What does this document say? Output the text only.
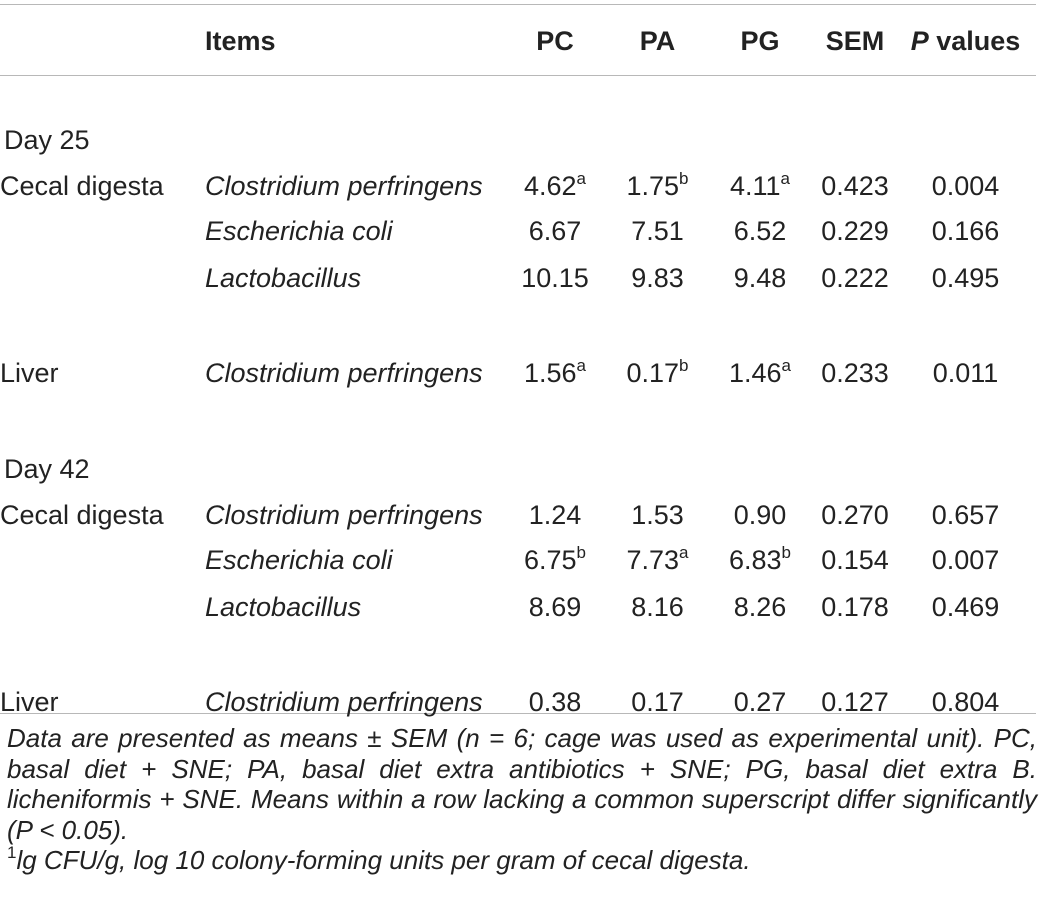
	Items	PC	PA	PG	SEM	P values

Day 25						
Cecal digesta	Clostridium perfringens	4.62$^a$	1.75$^b$	4.11$^a$	0.423	0.004
	Escherichia coli	6.67	7.51	6.52	0.229	0.166
	Lactobacillus	10.15	9.83	9.48	0.222	0.495

Liver	Clostridium perfringens	1.56$^a$	0.17$^b$	1.46$^a$	0.233	0.011

Day 42						
Cecal digesta	Clostridium perfringens	1.24	1.53	0.90	0.270	0.657
	Escherichia coli	6.75$^b$	7.73$^a$	6.83$^b$	0.154	0.007
	Lactobacillus	8.69	8.16	8.26	0.178	0.469

Liver	Clostridium perfringens	0.38	0.17	0.27	0.127	0.804

Data are presented as means ± SEM (n = 6; cage was used as experimental unit). PC, basal diet + SNE; PA, basal diet extra antibiotics + SNE; PG, basal diet extra B. licheniformis + SNE. Means within a row lacking a common superscript differ significantly (P < 0.05).

$^1$lg CFU/g, log 10 colony-forming units per gram of cecal digesta.
